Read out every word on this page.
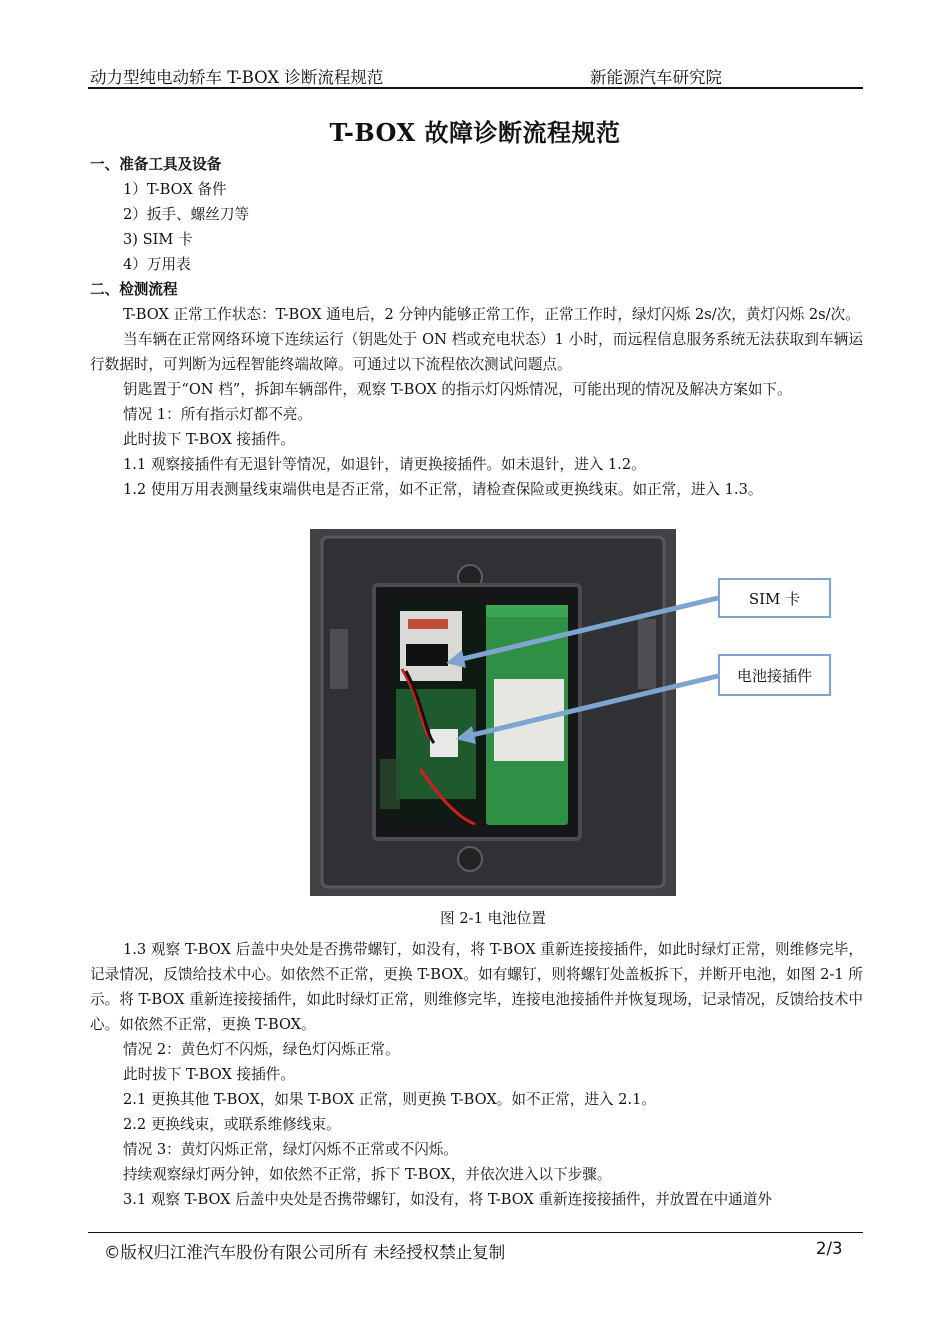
动力型纯电动轿车 T-BOX 诊断流程规范	新能源汽车研究院
T-BOX 故障诊断流程规范

一、准备工具及设备

1）T-BOX 备件

2）扳手、螺丝刀等

3) SIM 卡

4）万用表

二、检测流程

T-BOX 正常工作状态：T-BOX 通电后，2 分钟内能够正常工作，正常工作时，绿灯闪烁 2s/次，黄灯闪烁 2s/次。

当车辆在正常网络环境下连续运行（钥匙处于 ON 档或充电状态）1 小时，而远程信息服务系统无法获取到车辆运行数据时，可判断为远程智能终端故障。可通过以下流程依次测试问题点。

钥匙置于“ON 档”，拆卸车辆部件，观察 T-BOX 的指示灯闪烁情况，可能出现的情况及解决方案如下。

情况 1：所有指示灯都不亮。

此时拔下 T-BOX 接插件。

1.1 观察接插件有无退针等情况，如退针，请更换接插件。如未退针，进入 1.2。

1.2 使用万用表测量线束端供电是否正常，如不正常，请检查保险或更换线束。如正常，进入 1.3。

SIM 卡
电池接插件
图 2-1 电池位置

1.3 观察 T-BOX 后盖中央处是否携带螺钉，如没有，将 T-BOX 重新连接接插件，如此时绿灯正常，则维修完毕，记录情况，反馈给技术中心。如依然不正常，更换 T-BOX。如有螺钉，则将螺钉处盖板拆下，并断开电池，如图 2-1 所示。将 T-BOX 重新连接接插件，如此时绿灯正常，则维修完毕，连接电池接插件并恢复现场，记录情况，反馈给技术中心。如依然不正常，更换 T-BOX。

情况 2：黄色灯不闪烁，绿色灯闪烁正常。

此时拔下 T-BOX 接插件。

2.1 更换其他 T-BOX，如果 T-BOX 正常，则更换 T-BOX。如不正常，进入 2.1。

2.2 更换线束，或联系维修线束。

情况 3：黄灯闪烁正常，绿灯闪烁不正常或不闪烁。

持续观察绿灯两分钟，如依然不正常，拆下 T-BOX，并依次进入以下步骤。

3.1 观察 T-BOX 后盖中央处是否携带螺钉，如没有，将 T-BOX 重新连接接插件，并放置在中通道外

©版权归江淮汽车股份有限公司所有 未经授权禁止复制	2/3
